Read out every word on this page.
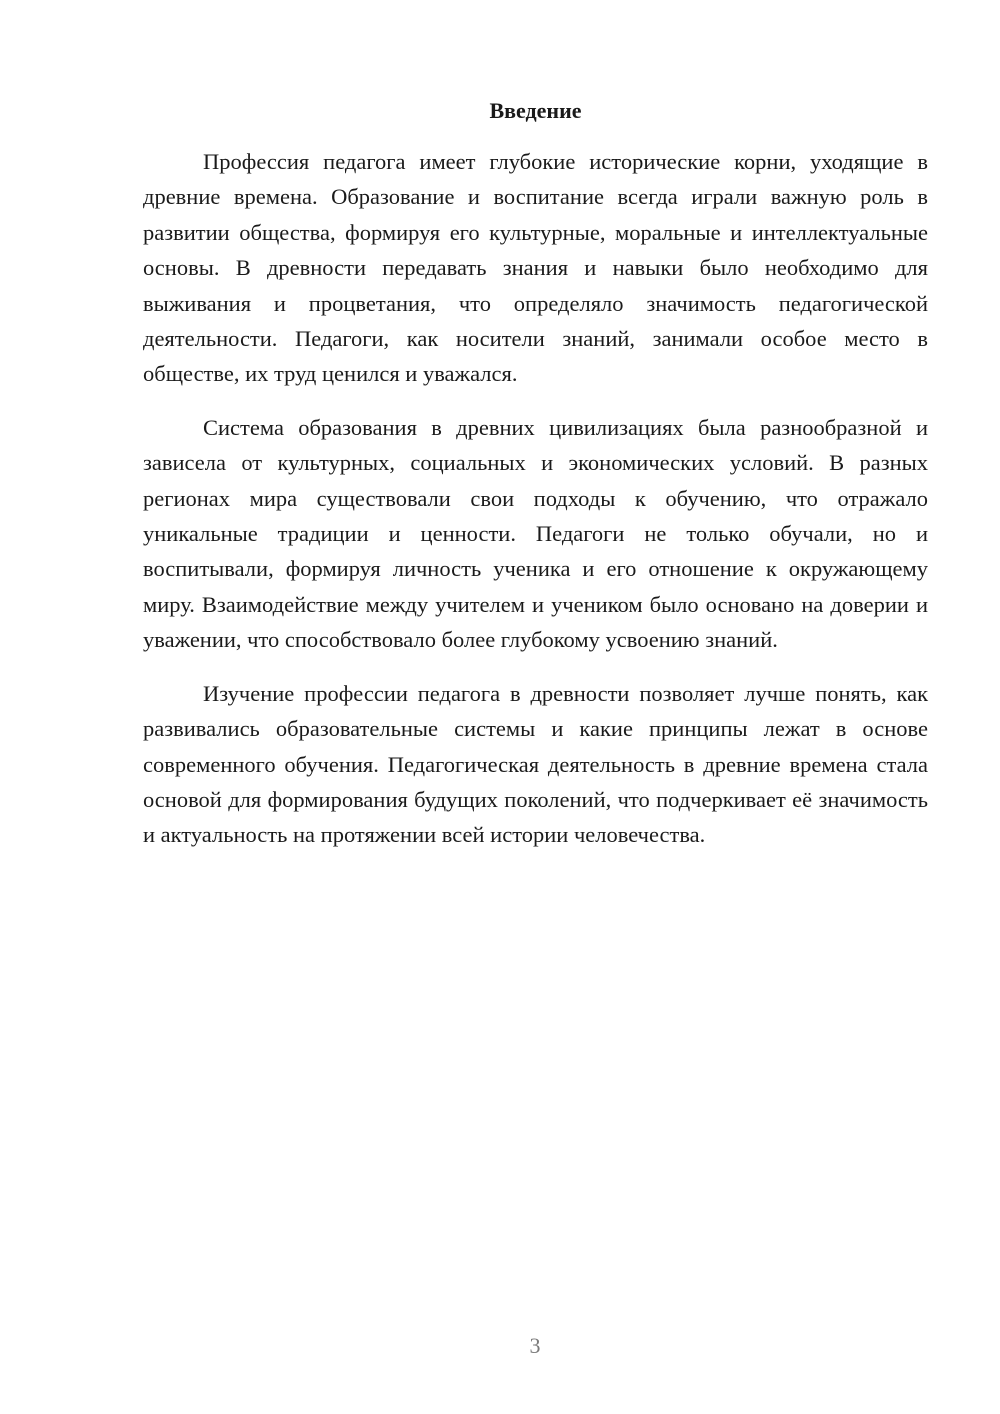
Введение

Профессия педагога имеет глубокие исторические корни, уходящие в древние времена. Образование и воспитание всегда играли важную роль в развитии общества, формируя его культурные, моральные и интеллектуальные основы. В древности передавать знания и навыки было необходимо для выживания и процветания, что определяло значимость педагогической деятельности. Педагоги, как носители знаний, занимали особое место в обществе, их труд ценился и уважался.

Система образования в древних цивилизациях была разнообразной и зависела от культурных, социальных и экономических условий. В разных регионах мира существовали свои подходы к обучению, что отражало уникальные традиции и ценности. Педагоги не только обучали, но и воспитывали, формируя личность ученика и его отношение к окружающему миру. Взаимодействие между учителем и учеником было основано на доверии и уважении, что способствовало более глубокому усвоению знаний.

Изучение профессии педагога в древности позволяет лучше понять, как развивались образовательные системы и какие принципы лежат в основе современного обучения. Педагогическая деятельность в древние времена стала основой для формирования будущих поколений, что подчеркивает её значимость и актуальность на протяжении всей истории человечества.

3
